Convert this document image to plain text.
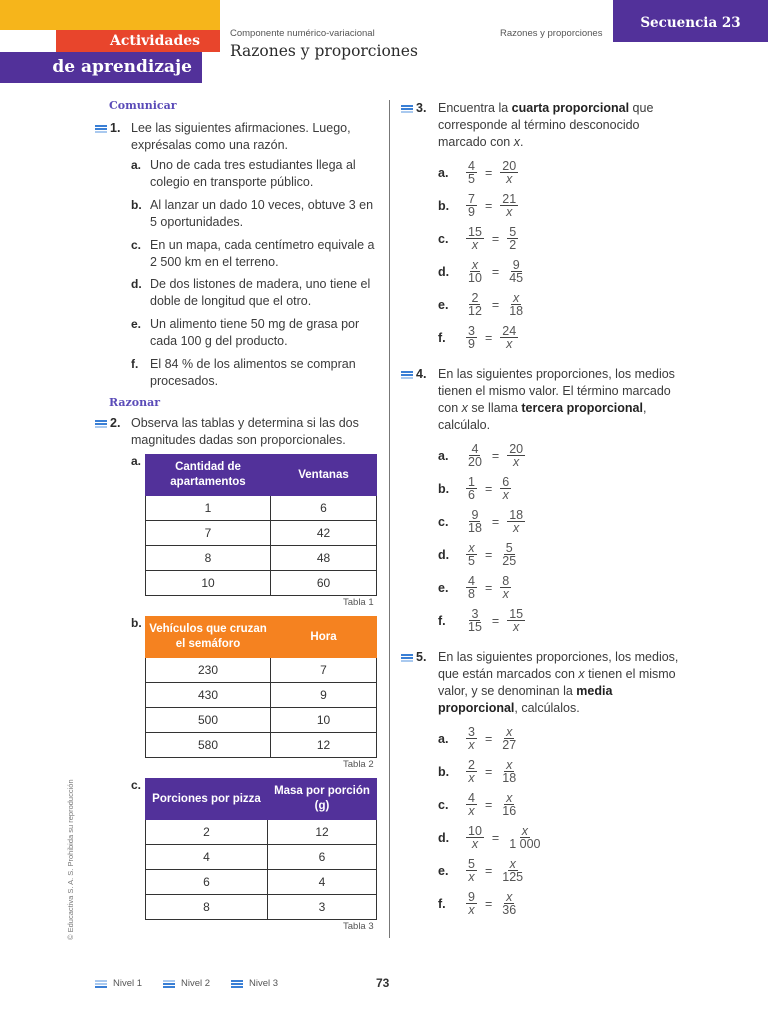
Actividades
de aprendizaje
Componente numérico-variacional
Razones y proporciones
Razones y proporciones
Secuencia 23
Comunicar
1. Lee las siguientes afirmaciones. Luego, exprésalas como una razón.
a. Uno de cada tres estudiantes llega al colegio en transporte público.
b. Al lanzar un dado 10 veces, obtuve 3 en 5 oportunidades.
c. En un mapa, cada centímetro equivale a 2 500 km en el terreno.
d. De dos listones de madera, uno tiene el doble de longitud que el otro.
e. Un alimento tiene 50 mg de grasa por cada 100 g del producto.
f. El 84 % de los alimentos se compran procesados.
Razonar
2. Observa las tablas y determina si las dos magnitudes dadas son proporcionales.
a.	Cantidad de apartamentos	Ventanas
1	6
7	42
8	48
10	60
Tabla 1
b. Vehículos que cruzan el semáforo	Hora
230	7
430	9
500	10
580	12
Tabla 2
c.
Porciones por pizza	Masa por porción (g)
2	12
4	6
6	4
8	3
Tabla 3
3. Encuentra la cuarta proporcional que corresponde al término desconocido marcado con x.
a.	$\frac{4}{5} = \frac{20}{x}$
b.	$\frac{7}{9} = \frac{21}{x}$
c.	$\frac{15}{x} = \frac{5}{2}$
d.	$\frac{x}{10} = \frac{9}{45}$
e.	$\frac{2}{12} = \frac{x}{18}$
f.	$\frac{3}{9} = \frac{24}{x}$
4. En las siguientes proporciones, los medios tienen el mismo valor. El término marcado con x se llama tercera proporcional, calcúlalo.
a.	$\frac{4}{20} = \frac{20}{x}$
b.	$\frac{1}{6} = \frac{6}{x}$
c.	$\frac{9}{18} = \frac{18}{x}$
d.	$\frac{x}{5} = \frac{5}{25}$
e.	$\frac{4}{8} = \frac{8}{x}$
f.	$\frac{3}{15} = \frac{15}{x}$
5. En las siguientes proporciones, los medios, que están marcados con x tienen el mismo valor, y se denominan la media proporcional, calcúlalos.
a.	$\frac{3}{x} = \frac{x}{27}$
b.	$\frac{2}{x} = \frac{x}{18}$
c.	$\frac{4}{x} = \frac{x}{16}$
d.	$\frac{10}{x} = \frac{x}{1 000}$
e.	$\frac{5}{x} = \frac{x}{125}$
f.	$\frac{9}{x} = \frac{x}{36}$
© Educactiva S. A. S. Prohibida su reproducción
Nivel 1	Nivel 2	Nivel 3	73
